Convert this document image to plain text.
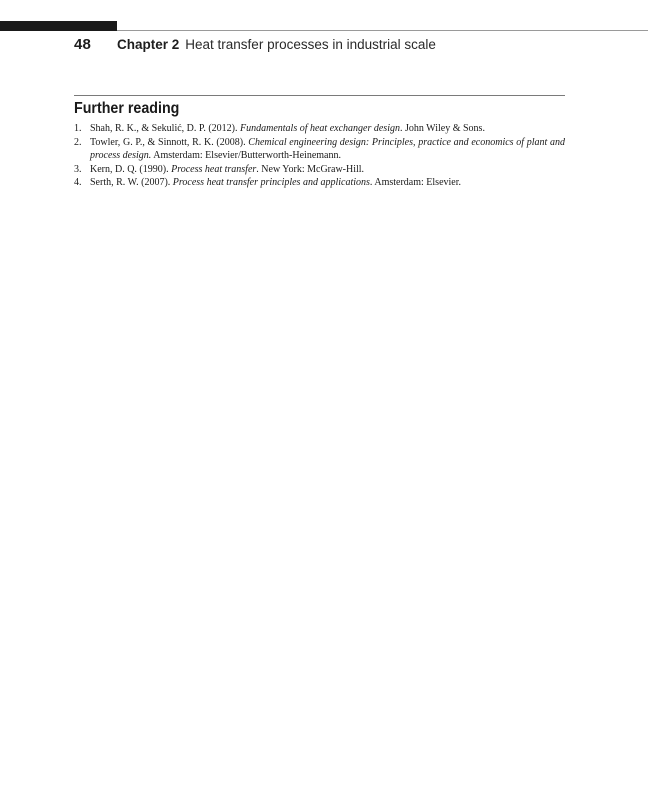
48	Chapter 2 Heat transfer processes in industrial scale
Further reading
1. Shah, R. K., & Sekulić, D. P. (2012). Fundamentals of heat exchanger design. John Wiley & Sons.
2. Towler, G. P., & Sinnott, R. K. (2008). Chemical engineering design: Principles, practice and economics of plant and process design. Amsterdam: Elsevier/Butterworth-Heinemann.
3. Kern, D. Q. (1990). Process heat transfer. New York: McGraw-Hill.
4. Serth, R. W. (2007). Process heat transfer principles and applications. Amsterdam: Elsevier.
